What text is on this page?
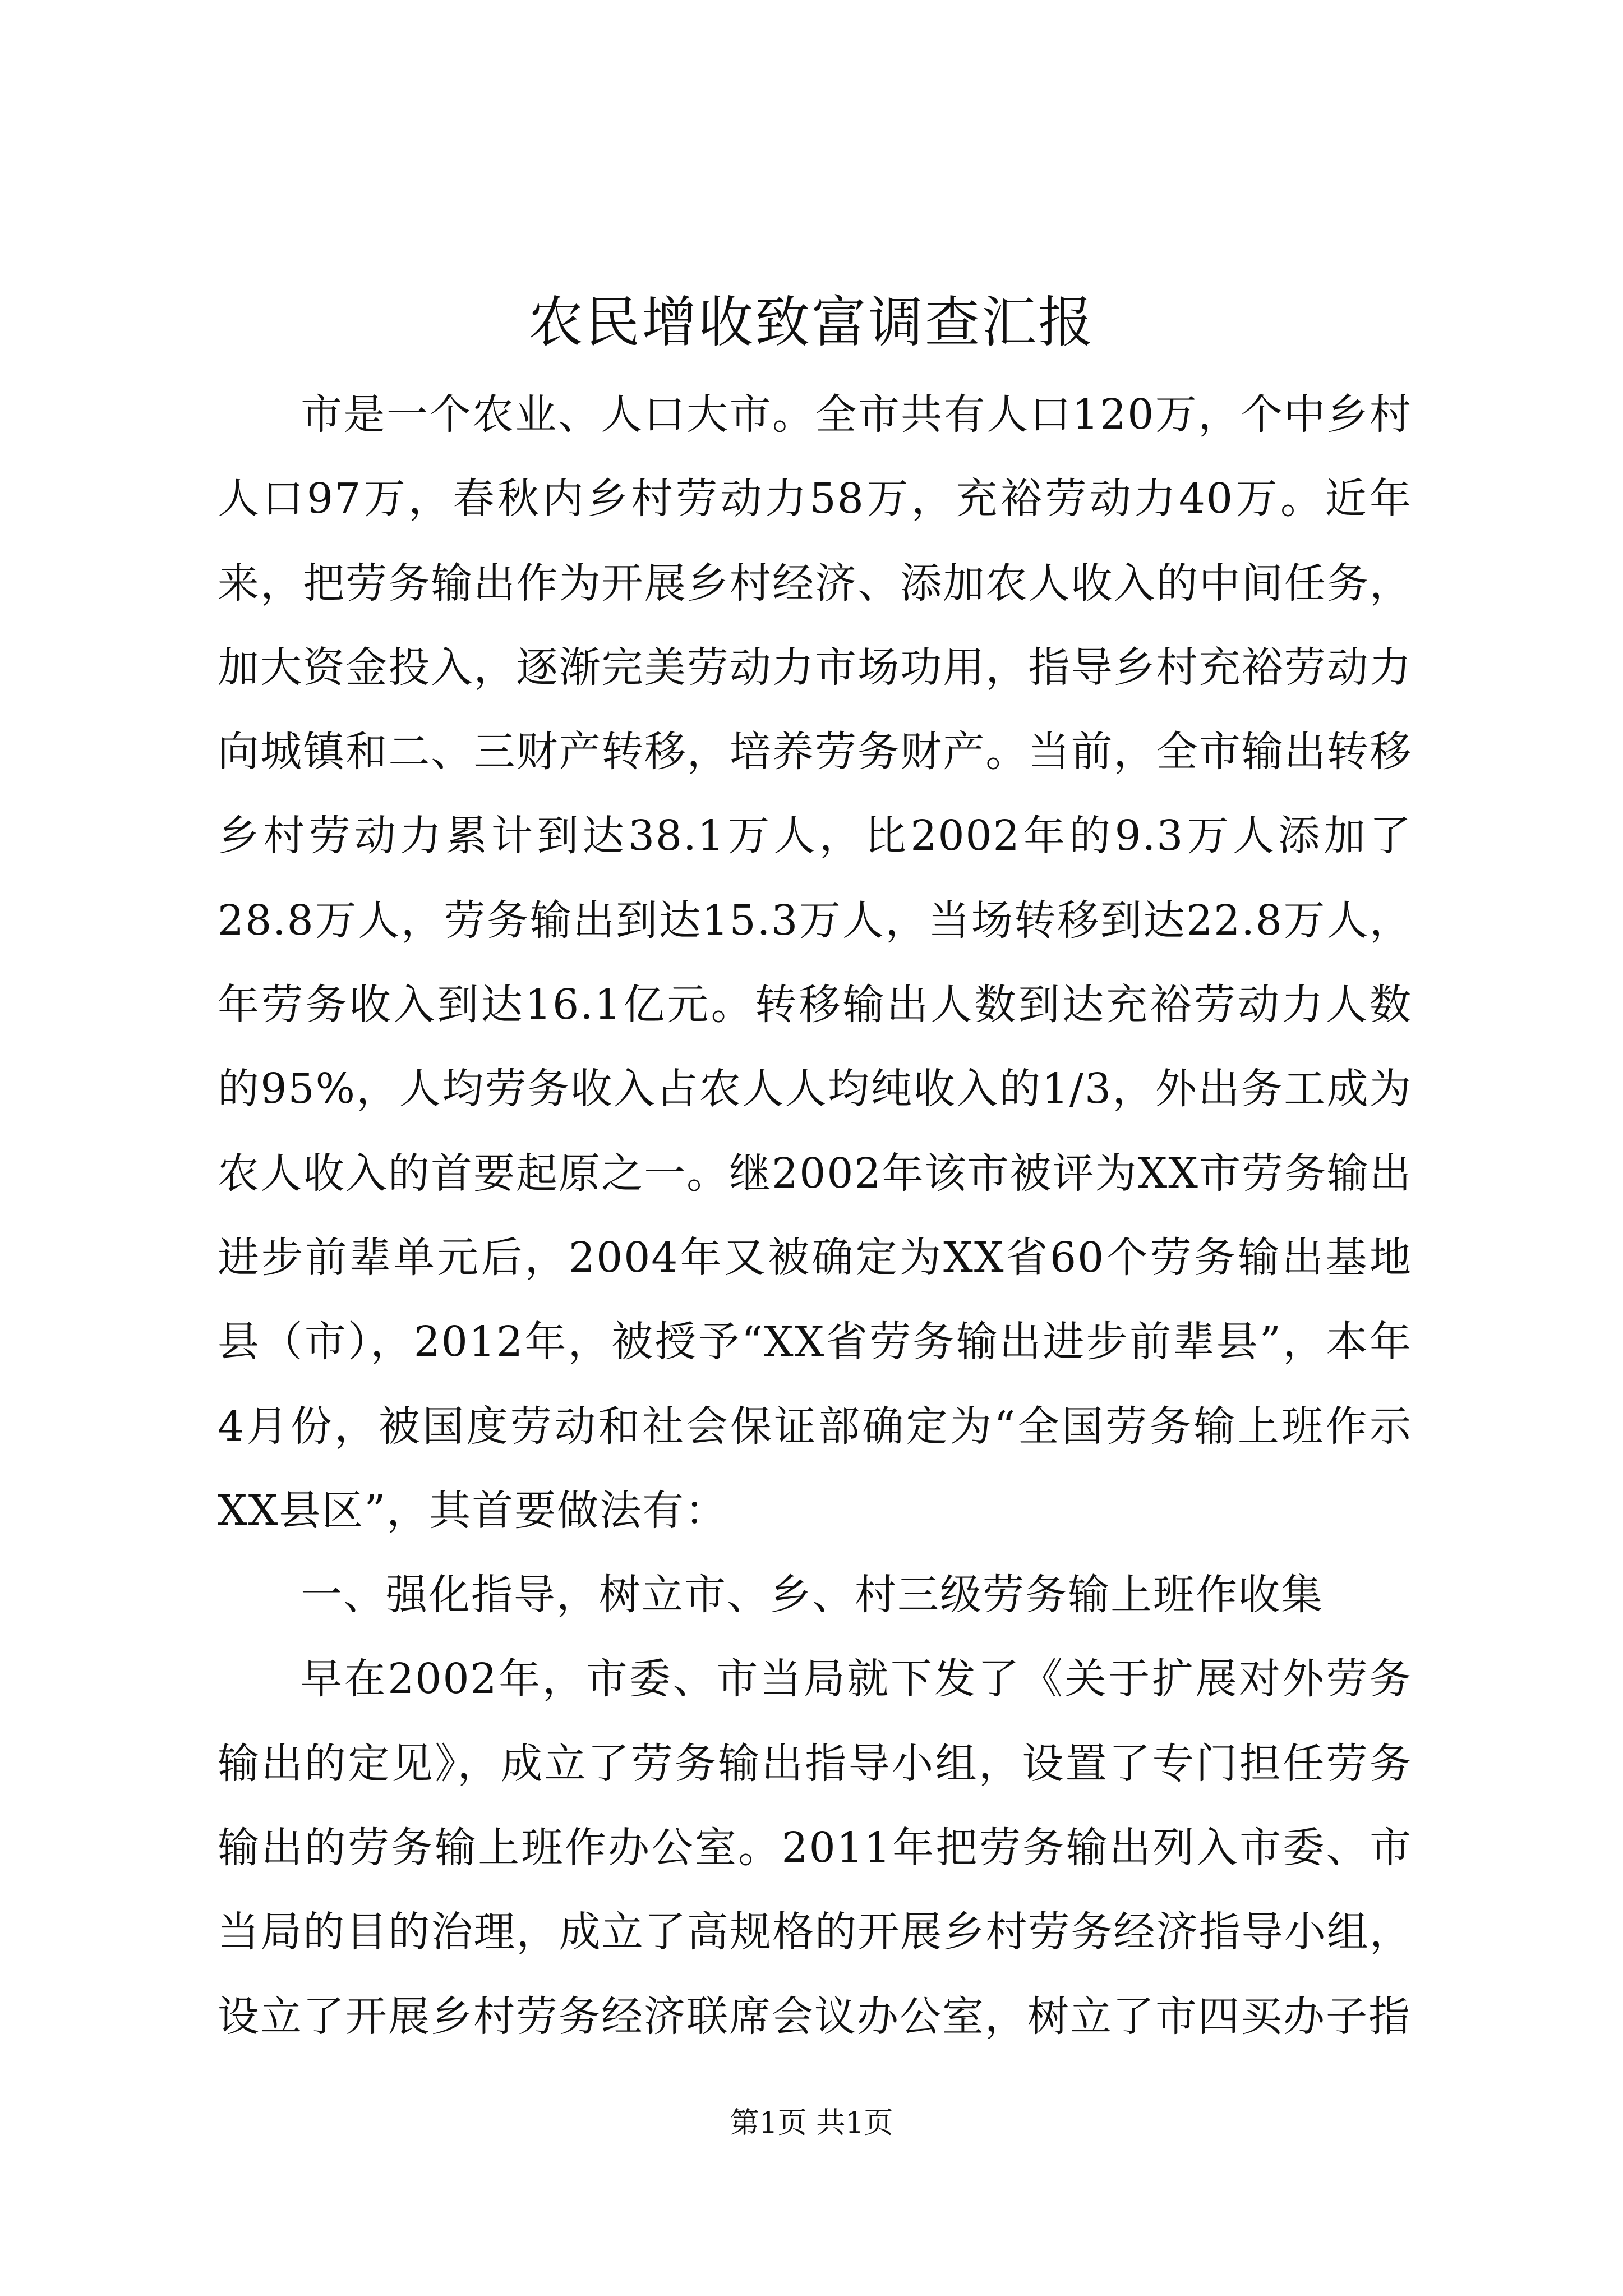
农民增收致富调查汇报

市是一个农业、人口大市。全市共有人口120万，个中乡村人口97万，春秋内乡村劳动力58万，充裕劳动力40万。近年来，把劳务输出作为开展乡村经济、添加农人收入的中间任务，加大资金投入，逐渐完美劳动力市场功用，指导乡村充裕劳动力向城镇和二、三财产转移，培养劳务财产。当前，全市输出转移乡村劳动力累计到达38.1万人，比2002年的9.3万人添加了28.8万人，劳务输出到达15.3万人，当场转移到达22.8万人，年劳务收入到达16.1亿元。转移输出人数到达充裕劳动力人数的95%，人均劳务收入占农人人均纯收入的1/3，外出务工成为农人收入的首要起原之一。继2002年该市被评为XX市劳务输出进步前辈单元后，2004年又被确定为XX省60个劳务输出基地县（市），2012年，被授予“XX省劳务输出进步前辈县”，本年4月份，被国度劳动和社会保证部确定为“全国劳务输上班作示XX县区”，其首要做法有：

一、强化指导，树立市、乡、村三级劳务输上班作收集

早在2002年，市委、市当局就下发了《关于扩展对外劳务输出的定见》，成立了劳务输出指导小组，设置了专门担任劳务输出的劳务输上班作办公室。2011年把劳务输出列入市委、市当局的目的治理，成立了高规格的开展乡村劳务经济指导小组，设立了开展乡村劳务经济联席会议办公室，树立了市四买办子指

第1页 共1页
